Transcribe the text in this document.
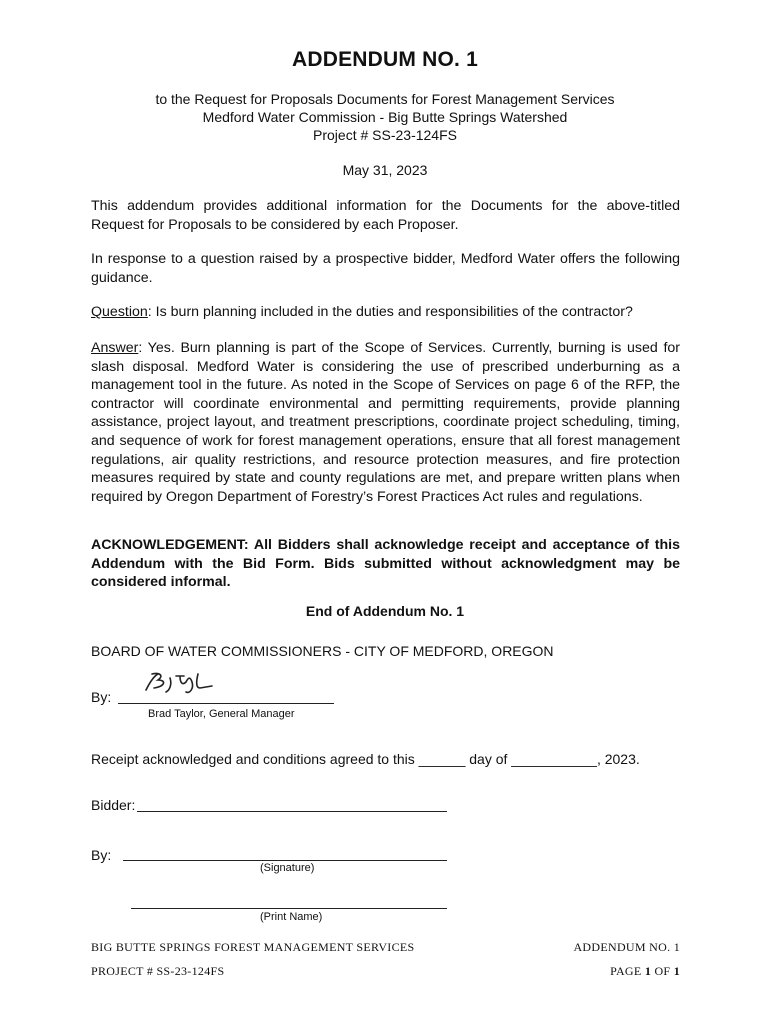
ADDENDUM NO. 1
to the Request for Proposals Documents for Forest Management Services
Medford Water Commission - Big Butte Springs Watershed
Project # SS-23-124FS
May 31, 2023
This addendum provides additional information for the Documents for the above-titled Request for Proposals to be considered by each Proposer.
In response to a question raised by a prospective bidder, Medford Water offers the following guidance.
Question: Is burn planning included in the duties and responsibilities of the contractor?
Answer: Yes. Burn planning is part of the Scope of Services. Currently, burning is used for slash disposal. Medford Water is considering the use of prescribed underburning as a management tool in the future. As noted in the Scope of Services on page 6 of the RFP, the contractor will coordinate environmental and permitting requirements, provide planning assistance, project layout, and treatment prescriptions, coordinate project scheduling, timing, and sequence of work for forest management operations, ensure that all forest management regulations, air quality restrictions, and resource protection measures, and fire protection measures required by state and county regulations are met, and prepare written plans when required by Oregon Department of Forestry’s Forest Practices Act rules and regulations.
ACKNOWLEDGEMENT: All Bidders shall acknowledge receipt and acceptance of this Addendum with the Bid Form. Bids submitted without acknowledgment may be considered informal.
End of Addendum No. 1
BOARD OF WATER COMMISSIONERS - CITY OF MEDFORD, OREGON
By:
Brad Taylor, General Manager
Receipt acknowledged and conditions agreed to this ______ day of ___________, 2023.
Bidder:
By:
(Signature)
(Print Name)
BIG BUTTE SPRINGS FOREST MANAGEMENT SERVICES
PROJECT # SS-23-124FS
ADDENDUM NO. 1
PAGE 1 OF 1
